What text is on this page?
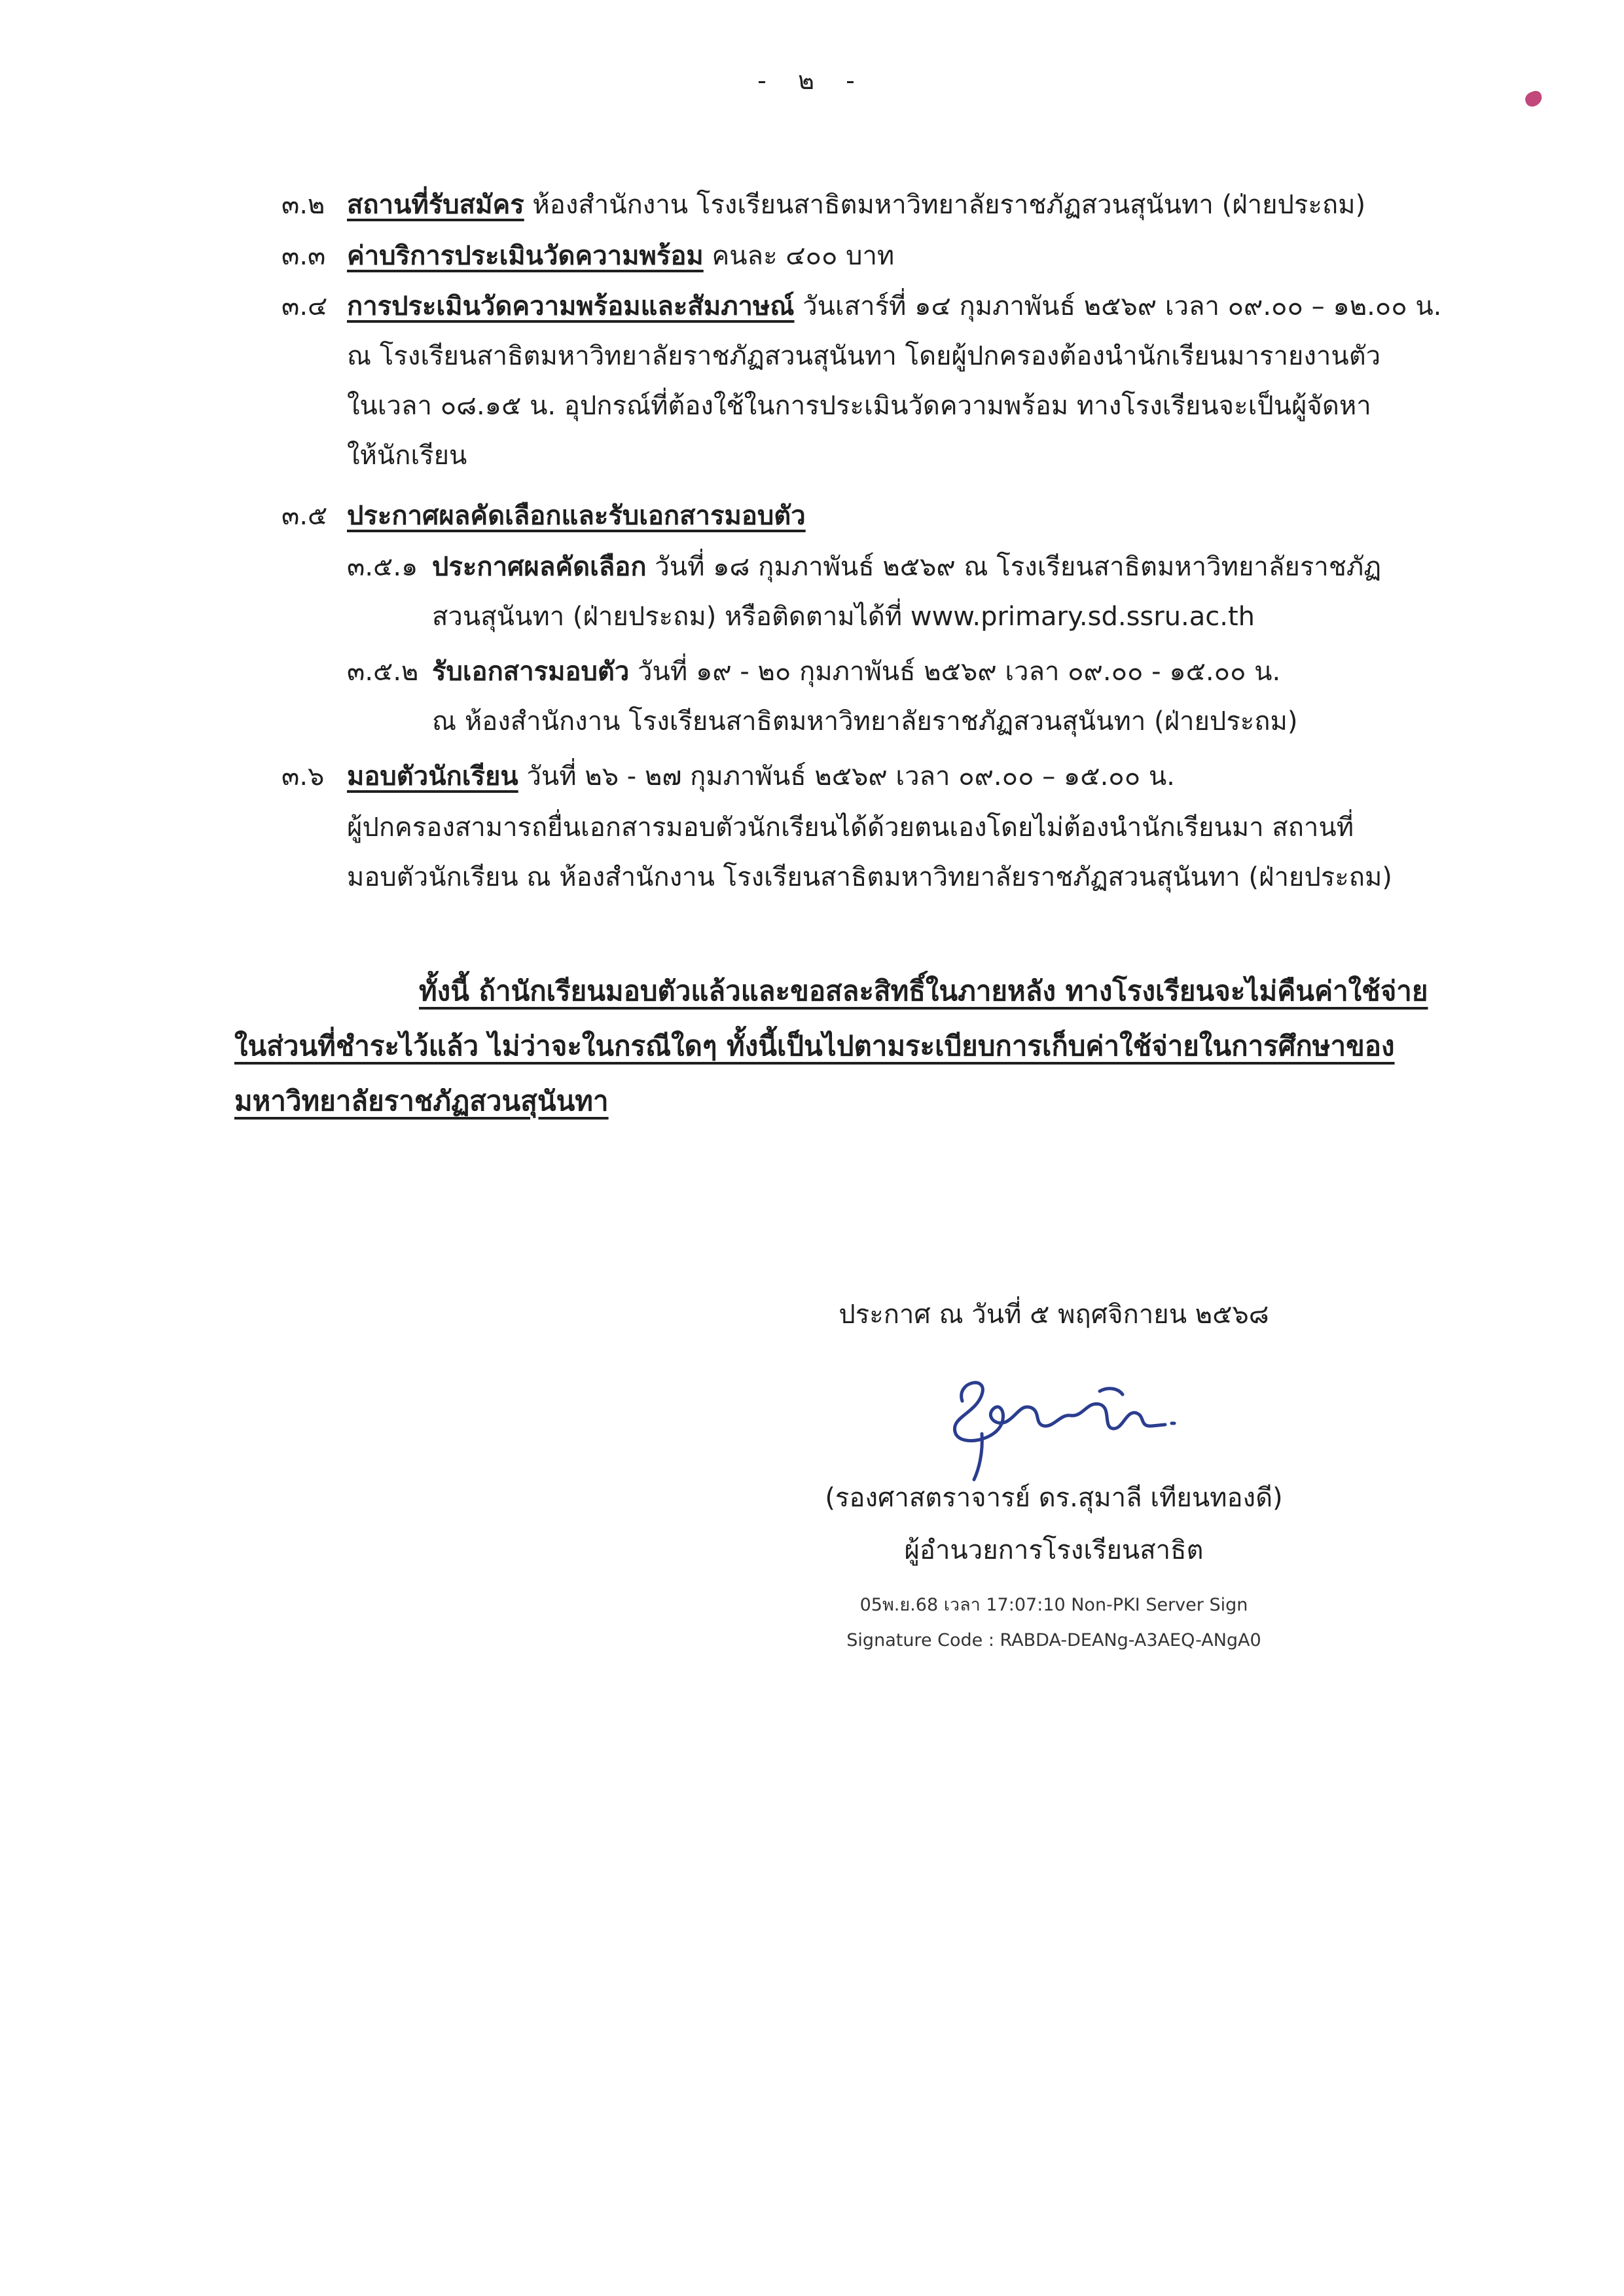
- ๒ -
๓.๒ สถานที่รับสมัคร ห้องสำนักงาน โรงเรียนสาธิตมหาวิทยาลัยราชภัฏสวนสุนันทา (ฝ่ายประถม)
๓.๓ ค่าบริการประเมินวัดความพร้อม คนละ ๔๐๐ บาท
๓.๔ การประเมินวัดความพร้อมและสัมภาษณ์ วันเสาร์ที่ ๑๔ กุมภาพันธ์ ๒๕๖๙ เวลา ๐๙.๐๐ – ๑๒.๐๐ น.
ณ โรงเรียนสาธิตมหาวิทยาลัยราชภัฏสวนสุนันทา โดยผู้ปกครองต้องนำนักเรียนมารายงานตัว
ในเวลา ๐๘.๑๕ น. อุปกรณ์ที่ต้องใช้ในการประเมินวัดความพร้อม ทางโรงเรียนจะเป็นผู้จัดหา
ให้นักเรียน
๓.๕ ประกาศผลคัดเลือกและรับเอกสารมอบตัว
๓.๕.๑ ประกาศผลคัดเลือก วันที่ ๑๘ กุมภาพันธ์ ๒๕๖๙ ณ โรงเรียนสาธิตมหาวิทยาลัยราชภัฏ
สวนสุนันทา (ฝ่ายประถม) หรือติดตามได้ที่ www.primary.sd.ssru.ac.th
๓.๕.๒ รับเอกสารมอบตัว วันที่ ๑๙ - ๒๐ กุมภาพันธ์ ๒๕๖๙ เวลา ๐๙.๐๐ - ๑๕.๐๐ น.
ณ ห้องสำนักงาน โรงเรียนสาธิตมหาวิทยาลัยราชภัฏสวนสุนันทา (ฝ่ายประถม)
๓.๖ มอบตัวนักเรียน วันที่ ๒๖ - ๒๗ กุมภาพันธ์ ๒๕๖๙ เวลา ๐๙.๐๐ – ๑๕.๐๐ น.
ผู้ปกครองสามารถยื่นเอกสารมอบตัวนักเรียนได้ด้วยตนเองโดยไม่ต้องนำนักเรียนมา สถานที่
มอบตัวนักเรียน ณ ห้องสำนักงาน โรงเรียนสาธิตมหาวิทยาลัยราชภัฏสวนสุนันทา (ฝ่ายประถม)
ทั้งนี้ ถ้านักเรียนมอบตัวแล้วและขอสละสิทธิ์ในภายหลัง ทางโรงเรียนจะไม่คืนค่าใช้จ่าย
ในส่วนที่ชำระไว้แล้ว ไม่ว่าจะในกรณีใดๆ ทั้งนี้เป็นไปตามระเบียบการเก็บค่าใช้จ่ายในการศึกษาของ
มหาวิทยาลัยราชภัฏสวนสุนันทา
ประกาศ ณ วันที่ ๕ พฤศจิกายน ๒๕๖๘
(รองศาสตราจารย์ ดร.สุมาลี เทียนทองดี)
ผู้อำนวยการโรงเรียนสาธิต
05พ.ย.68 เวลา 17:07:10 Non-PKI Server Sign
Signature Code : RABDA-DEANg-A3AEQ-ANgA0
